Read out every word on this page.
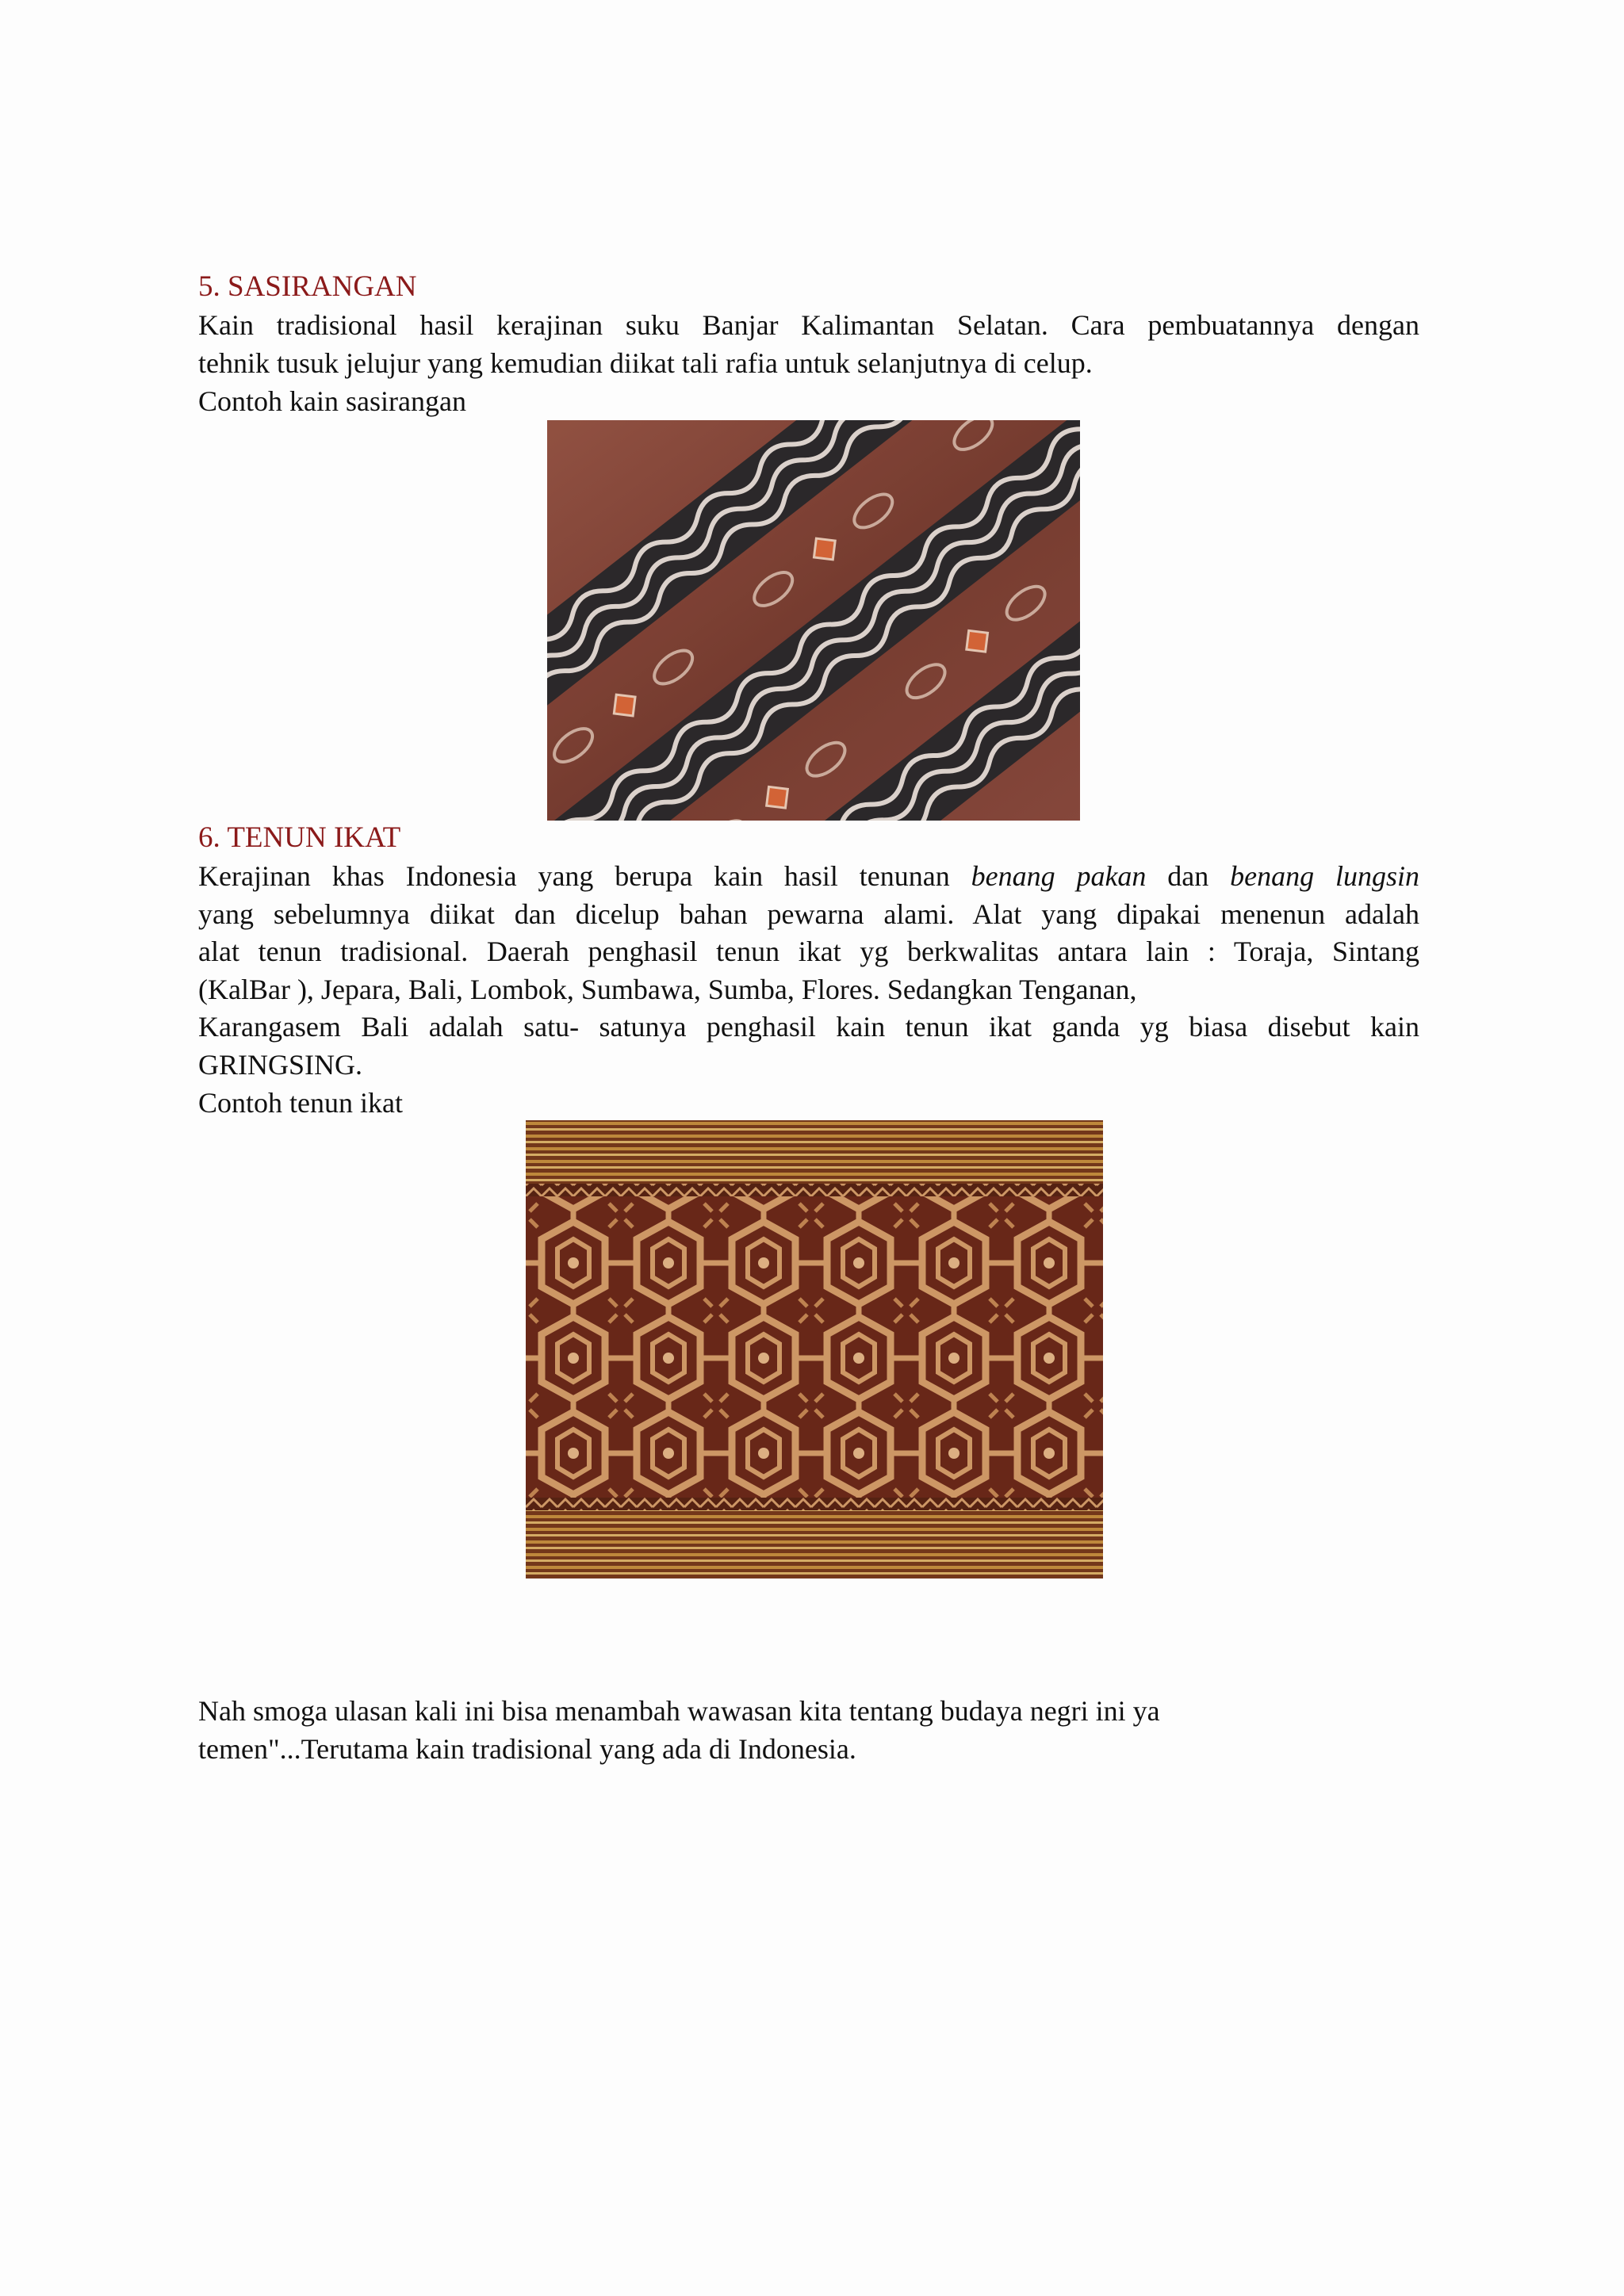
5. SASIRANGAN
Kain tradisional hasil kerajinan suku Banjar Kalimantan Selatan. Cara pembuatannya dengan
tehnik tusuk jelujur yang kemudian diikat tali rafia untuk selanjutnya di celup.

Contoh kain sasirangan

6. TENUN IKAT
Kerajinan khas Indonesia yang berupa kain hasil tenunan benang pakan dan benang lungsin
yang sebelumnya diikat dan dicelup bahan pewarna alami. Alat yang dipakai menenun adalah
alat tenun tradisional. Daerah penghasil tenun ikat yg berkwalitas antara lain : Toraja, Sintang
(KalBar ), Jepara, Bali, Lombok, Sumbawa, Sumba, Flores. Sedangkan Tenganan,
Karangasem Bali adalah satu- satunya penghasil kain tenun ikat ganda yg biasa disebut kain
GRINGSING.

Contoh tenun ikat

Nah smoga ulasan kali ini bisa menambah wawasan kita tentang budaya negri ini ya
temen"...Terutama kain tradisional yang ada di Indonesia.
